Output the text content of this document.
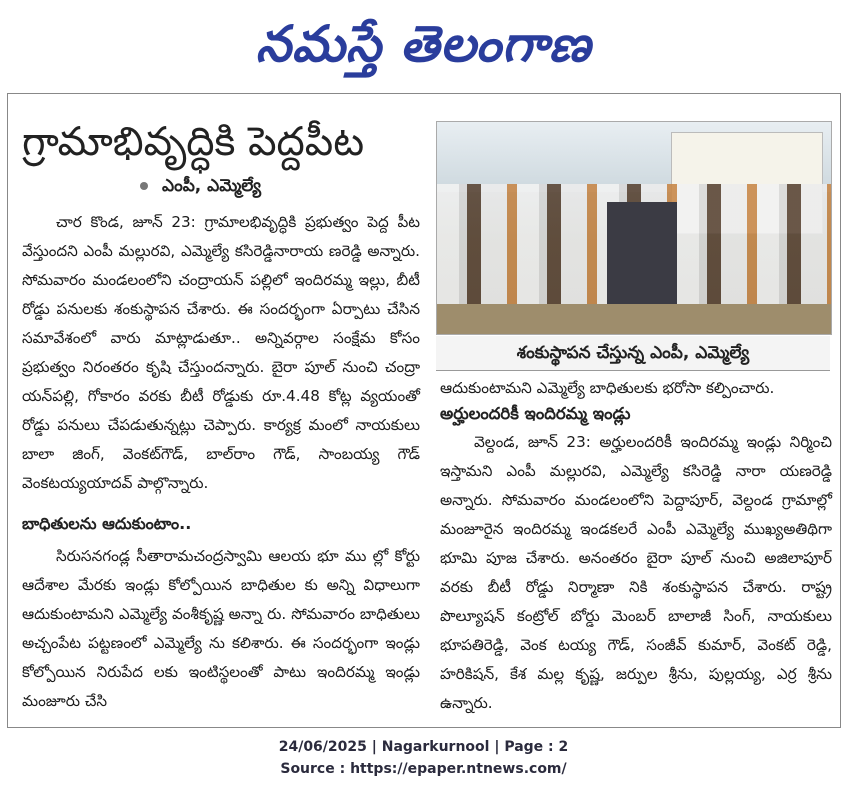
నమస్తే తెలంగాణ
గ్రామాభివృద్ధికి పెద్దపీట
ఎంపీ, ఎమ్మెల్యే

చార కొండ, జూన్ 23: గ్రామాలభివృద్ధికి ప్రభుత్వం పెద్ద పీట వేస్తుందని ఎంపీ మల్లురవి, ఎమ్మెల్యే కసిరెడ్డినారాయ ణరెడ్డి అన్నారు. సోమవారం మండలంలోని చంద్రాయన్ పల్లిలో ఇందిరమ్మ ఇల్లు, బీటీ రోడ్డు పనులకు శంకుస్థాపన చేశారు. ఈ సందర్భంగా ఏర్పాటు చేసిన సమావేశంలో వారు మాట్లాడుతూ.. అన్నివర్గాల సంక్షేమ కోసం ప్రభుత్వం నిరంతరం కృషి చేస్తుందన్నారు. బైరా పూల్ నుంచి చంద్రా యన్‌పల్లి, గోకారం వరకు బీటీ రోడ్డుకు రూ.4.48 కోట్ల వ్యయంతో రోడ్డు పనులు చేపడుతున్నట్లు చెప్పారు. కార్యక్ర మంలో నాయకులు బాలా జింగ్, వెంకట్‌గౌడ్, బాల్‌రాం గౌడ్, సాంబయ్య గౌడ్ వెంకటయ్యయాదవ్ పాల్గొన్నారు.

బాధితులను ఆదుకుంటాం..

సిరుసనగండ్ల సీతారామచంద్రస్వామి ఆలయ భూ ము ల్లో కోర్టు ఆదేశాల మేరకు ఇండ్లు కోల్పోయిన బాధితుల కు అన్ని విధాలుగా ఆదుకుంటామని ఎమ్మెల్యే వంశీకృష్ణ అన్నా రు. సోమవారం బాధితులు అచ్చంపేట పట్టణంలో ఎమ్మెల్యే ను కలిశారు. ఈ సందర్భంగా ఇండ్లు కోల్పోయిన నిరుపేద లకు ఇంటిస్థలంతో పాటు ఇందిరమ్మ ఇండ్లు మంజూరు చేసి

శంకుస్థాపన చేస్తున్న ఎంపీ, ఎమ్మెల్యే

ఆదుకుంటామని ఎమ్మెల్యే బాధితులకు భరోసా కల్పించారు.

అర్హులందరికీ ఇందిరమ్మ ఇండ్లు

వెల్దండ, జూన్ 23: అర్హులందరికీ ఇందిరమ్మ ఇండ్లు నిర్మించి ఇస్తామని ఎంపీ మల్లురవి, ఎమ్మెల్యే కసిరెడ్డి నారా యణరెడ్డి అన్నారు. సోమవారం మండలంలోని పెద్దాపూర్, వెల్దండ గ్రామాల్లో మంజూరైన ఇందిరమ్మ ఇండకలరే ఎంపీ ఎమ్మెల్యే ముఖ్యఅతిథిగా భూమి పూజ చేశారు. అనంతరం బైరా పూల్ నుంచి అజిలాపూర్ వరకు బీటీ రోడ్డు నిర్మాణా నికి శంకుస్థాపన చేశారు. రాష్ట్ర పొల్యూషన్ కంట్రోల్ బోర్డు మెంబర్ బాలాజీ సింగ్, నాయకులు భూపతిరెడ్డి, వెంక టయ్య గౌడ్, సంజీవ్ కుమార్, వెంకట్ రెడ్డి, హరికిషన్, కేశ మల్ల కృష్ణ, జర్పుల శ్రీను, పుల్లయ్య, ఎర్ర శ్రీను ఉన్నారు.

24/06/2025 | Nagarkurnool | Page : 2
Source : https://epaper.ntnews.com/
